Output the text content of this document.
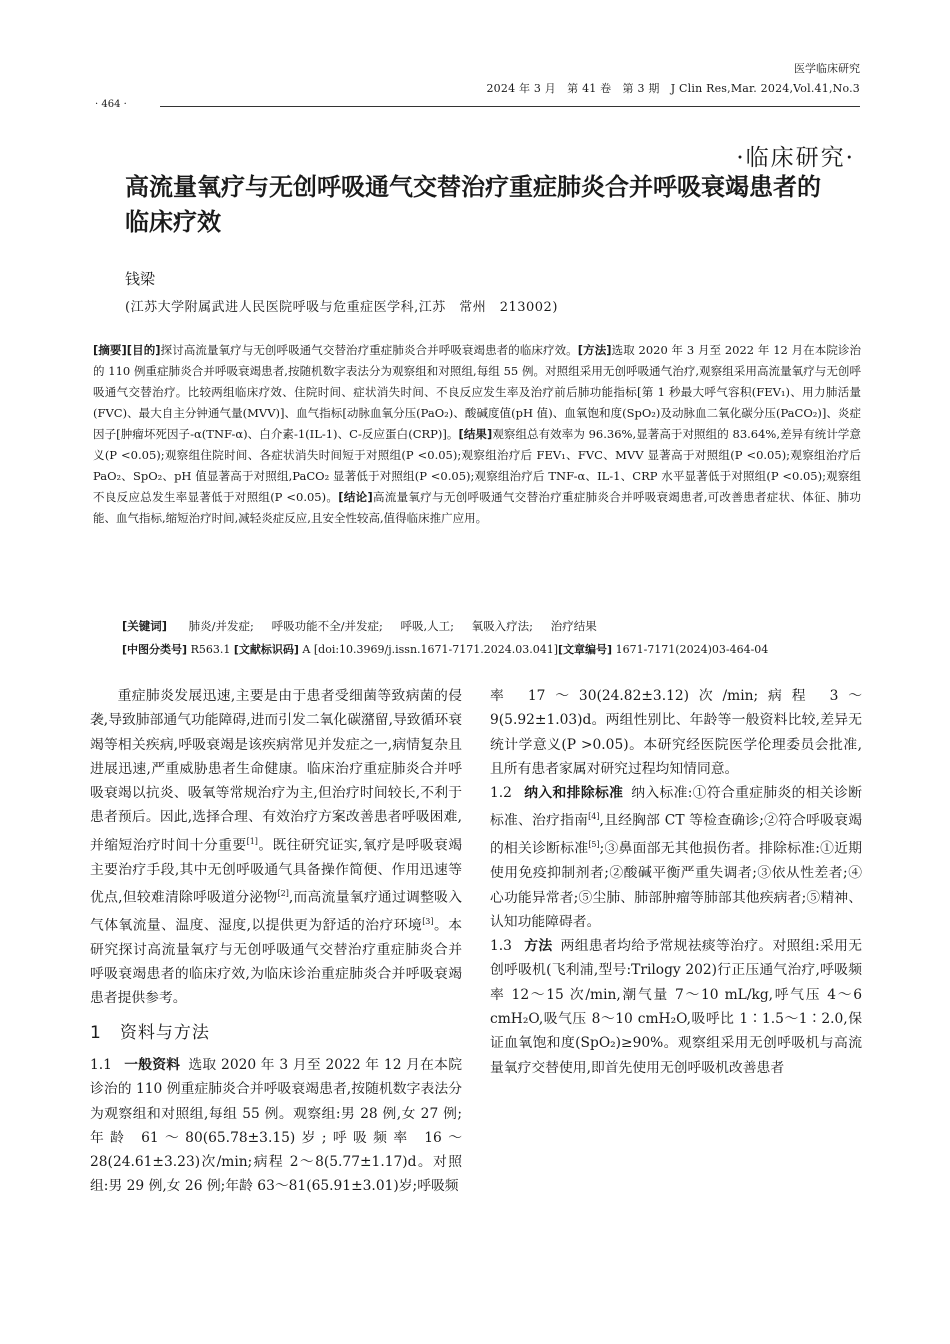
医学临床研究
2024 年 3 月　第 41 卷　第 3 期　J Clin Res,Mar. 2024,Vol.41,No.3
· 464 ·
·临床研究·
高流量氧疗与无创呼吸通气交替治疗重症肺炎合并呼吸衰竭患者的临床疗效
钱梁
(江苏大学附属武进人民医院呼吸与危重症医学科,江苏　常州　213002)
[摘要][目的]探讨高流量氧疗与无创呼吸通气交替治疗重症肺炎合并呼吸衰竭患者的临床疗效。[方法]选取 2020 年 3 月至 2022 年 12 月在本院诊治的 110 例重症肺炎合并呼吸衰竭患者,按随机数字表法分为观察组和对照组,每组 55 例。对照组采用无创呼吸通气治疗,观察组采用高流量氧疗与无创呼吸通气交替治疗。比较两组临床疗效、住院时间、症状消失时间、不良反应发生率及治疗前后肺功能指标[第 1 秒最大呼气容积(FEV₁)、用力肺活量(FVC)、最大自主分钟通气量(MVV)]、血气指标[动脉血氧分压(PaO₂)、酸碱度值(pH 值)、血氧饱和度(SpO₂)及动脉血二氧化碳分压(PaCO₂)]、炎症因子[肿瘤坏死因子-α(TNF-α)、白介素-1(IL-1)、C-反应蛋白(CRP)]。[结果]观察组总有效率为 96.36%,显著高于对照组的 83.64%,差异有统计学意义(P <0.05);观察组住院时间、各症状消失时间短于对照组(P <0.05);观察组治疗后 FEV₁、FVC、MVV 显著高于对照组(P <0.05);观察组治疗后 PaO₂、SpO₂、pH 值显著高于对照组,PaCO₂ 显著低于对照组(P <0.05);观察组治疗后 TNF-α、IL-1、CRP 水平显著低于对照组(P <0.05);观察组不良反应总发生率显著低于对照组(P <0.05)。[结论]高流量氧疗与无创呼吸通气交替治疗重症肺炎合并呼吸衰竭患者,可改善患者症状、体征、肺功能、血气指标,缩短治疗时间,减轻炎症反应,且安全性较高,值得临床推广应用。
[关键词] 肺炎/并发症; 呼吸功能不全/并发症; 呼吸,人工; 氧吸入疗法; 治疗结果
[中图分类号] R563.1 [文献标识码] A [doi:10.3969/j.issn.1671-7171.2024.03.041][文章编号] 1671-7171(2024)03-464-04

重症肺炎发展迅速,主要是由于患者受细菌等致病菌的侵袭,导致肺部通气功能障碍,进而引发二氧化碳潴留,导致循环衰竭等相关疾病,呼吸衰竭是该疾病常见并发症之一,病情复杂且进展迅速,严重威胁患者生命健康。临床治疗重症肺炎合并呼吸衰竭以抗炎、吸氧等常规治疗为主,但治疗时间较长,不利于患者预后。因此,选择合理、有效治疗方案改善患者呼吸困难,并缩短治疗时间十分重要[1]。既往研究证实,氧疗是呼吸衰竭主要治疗手段,其中无创呼吸通气具备操作简便、作用迅速等优点,但较难清除呼吸道分泌物[2],而高流量氧疗通过调整吸入气体氧流量、温度、湿度,以提供更为舒适的治疗环境[3]。本研究探讨高流量氧疗与无创呼吸通气交替治疗重症肺炎合并呼吸衰竭患者的临床疗效,为临床诊治重症肺炎合并呼吸衰竭患者提供参考。

1 资料与方法

1.1 一般资料 选取 2020 年 3 月至 2022 年 12 月在本院诊治的 110 例重症肺炎合并呼吸衰竭患者,按随机数字表法分为观察组和对照组,每组 55 例。观察组:男 28 例,女 27 例;年龄 61～80(65.78±3.15)岁;呼吸频率 16～28(24.61±3.23)次/min;病程 2～8(5.77±1.17)d。对照组:男 29 例,女 26 例;年龄 63～81(65.91±3.01)岁;呼吸频

率 17～30(24.82±3.12)次/min;病程 3～9(5.92±1.03)d。两组性别比、年龄等一般资料比较,差异无统计学意义(P >0.05)。本研究经医院医学伦理委员会批准,且所有患者家属对研究过程均知情同意。

1.2 纳入和排除标准 纳入标准:①符合重症肺炎的相关诊断标准、治疗指南[4],且经胸部 CT 等检查确诊;②符合呼吸衰竭的相关诊断标准[5];③鼻面部无其他损伤者。排除标准:①近期使用免疫抑制剂者;②酸碱平衡严重失调者;③依从性差者;④心功能异常者;⑤尘肺、肺部肿瘤等肺部其他疾病者;⑤精神、认知功能障碍者。

1.3 方法 两组患者均给予常规祛痰等治疗。对照组:采用无创呼吸机(飞利浦,型号:Trilogy 202)行正压通气治疗,呼吸频率 12～15 次/min,潮气量 7～10 mL/kg,呼气压 4～6 cmH₂O,吸气压 8～10 cmH₂O,吸呼比 1∶1.5～1∶2.0,保证血氧饱和度(SpO₂)≥90%。观察组采用无创呼吸机与高流量氧疗交替使用,即首先使用无创呼吸机改善患者
